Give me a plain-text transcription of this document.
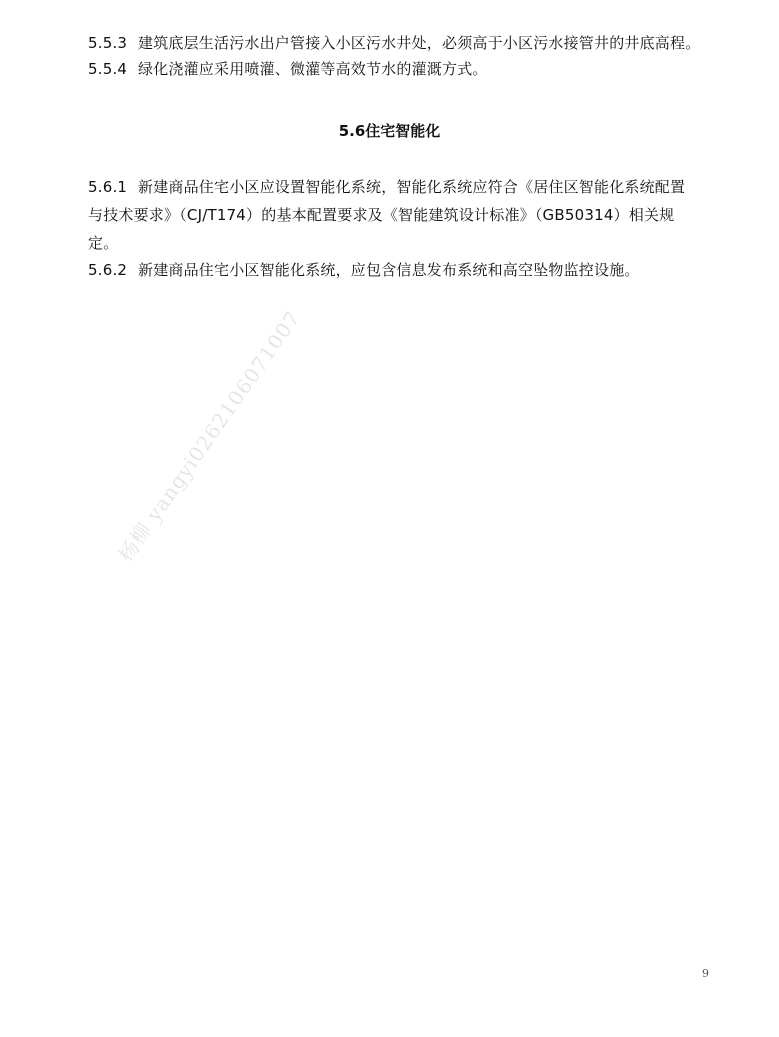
5.5.3 建筑底层生活污水出户管接入小区污水井处，必须高于小区污水接管井的井底高程。
5.5.4 绿化浇灌应采用喷灌、微灌等高效节水的灌溉方式。
5.6住宅智能化
5.6.1 新建商品住宅小区应设置智能化系统，智能化系统应符合《居住区智能化系统配置
与技术要求》（CJ/T174）的基本配置要求及《智能建筑设计标准》（GB50314）相关规
定。
5.6.2 新建商品住宅小区智能化系统，应包含信息发布系统和高空坠物监控设施。
杨柳 yangyi0262106071007
9
